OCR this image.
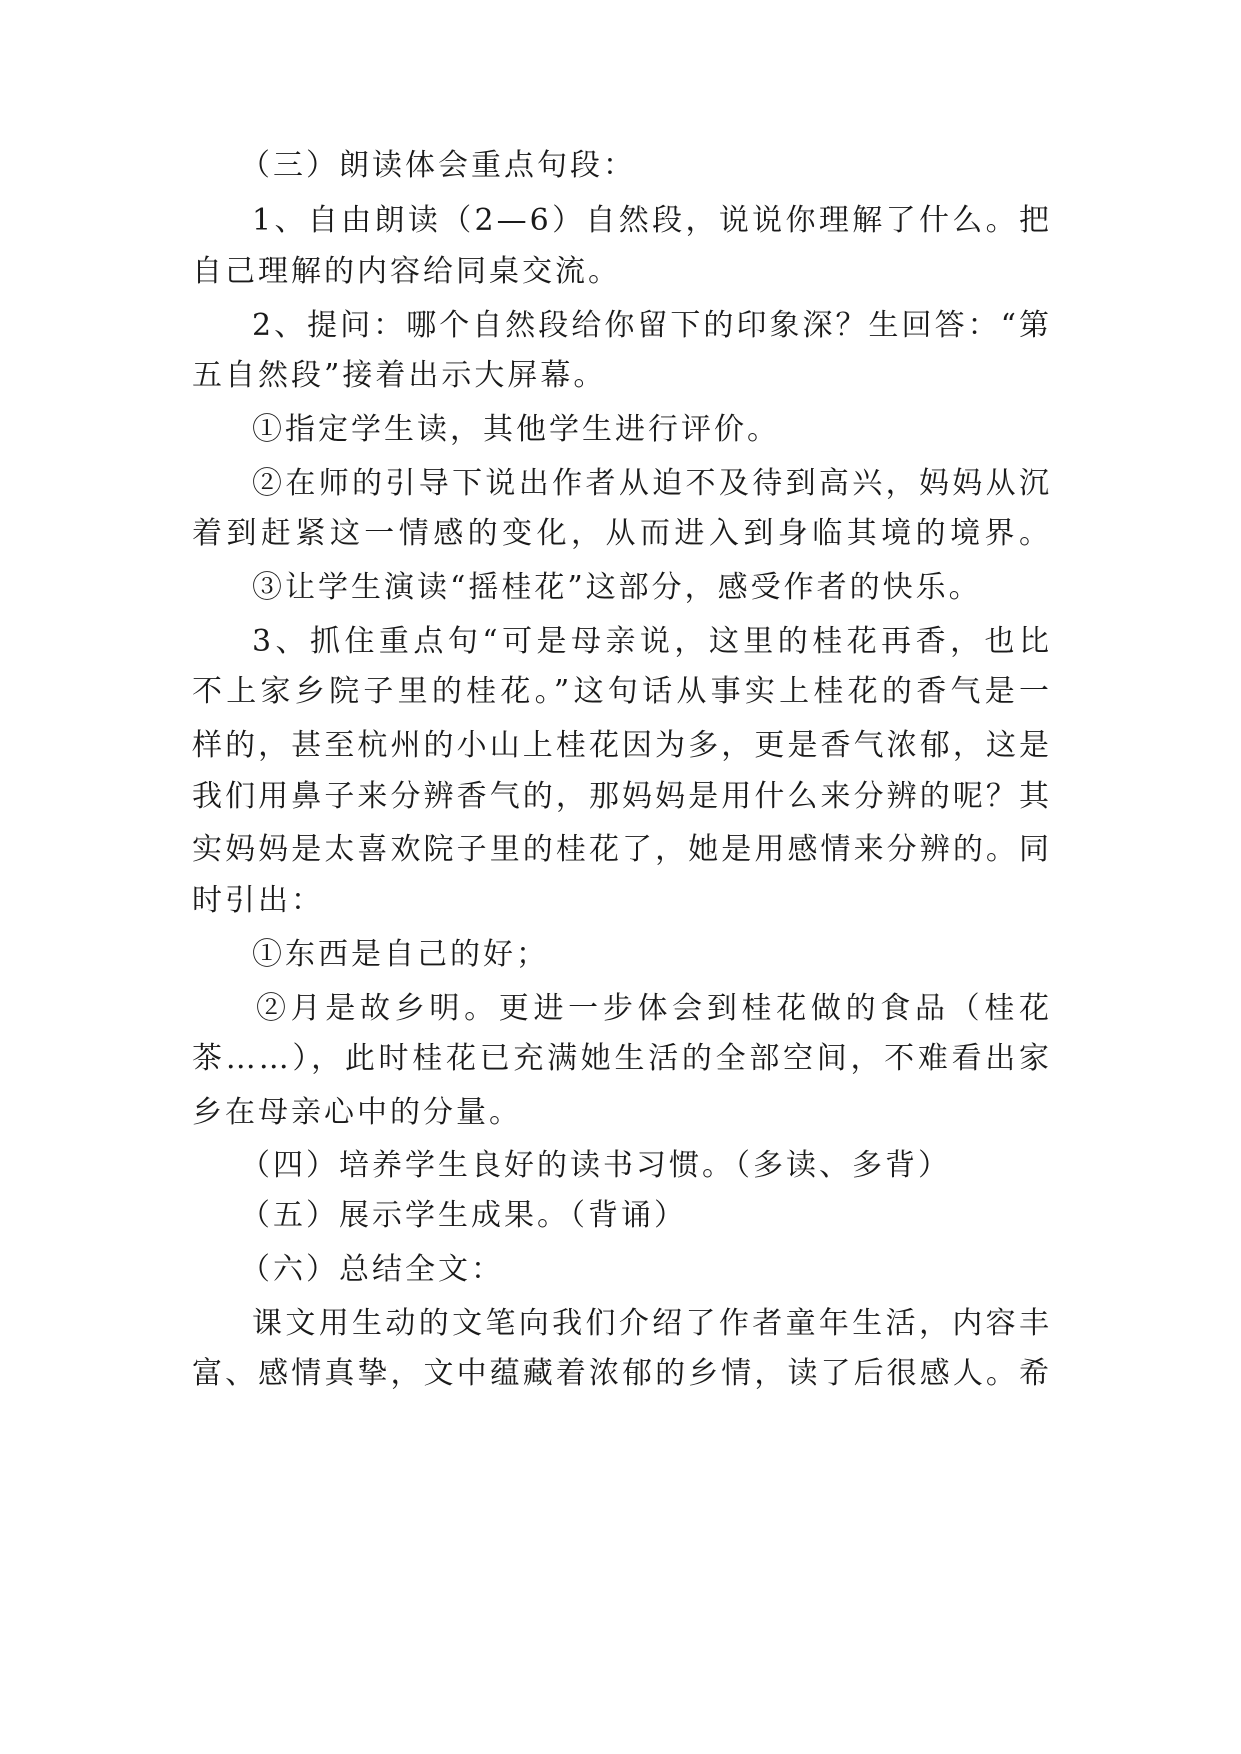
（三）朗读体会重点句段：
1、自由朗读（2—6）自然段，说说你理解了什么。把
自己理解的内容给同桌交流。
2、提问：哪个自然段给你留下的印象深？生回答：“第
五自然段”接着出示大屏幕。
①指定学生读，其他学生进行评价。
②在师的引导下说出作者从迫不及待到高兴，妈妈从沉
着到赶紧这一情感的变化，从而进入到身临其境的境界。
③让学生演读“摇桂花”这部分，感受作者的快乐。
3、抓住重点句“可是母亲说，这里的桂花再香，也比
不上家乡院子里的桂花。”这句话从事实上桂花的香气是一
样的，甚至杭州的小山上桂花因为多，更是香气浓郁，这是
我们用鼻子来分辨香气的，那妈妈是用什么来分辨的呢？其
实妈妈是太喜欢院子里的桂花了，她是用感情来分辨的。同
时引出：
①东西是自己的好；
②月是故乡明。更进一步体会到桂花做的食品（桂花
茶……），此时桂花已充满她生活的全部空间，不难看出家
乡在母亲心中的分量。
（四）培养学生良好的读书习惯。（多读、多背）
（五）展示学生成果。（背诵）
（六）总结全文：
课文用生动的文笔向我们介绍了作者童年生活，内容丰
富、感情真挚，文中蕴藏着浓郁的乡情，读了后很感人。希
